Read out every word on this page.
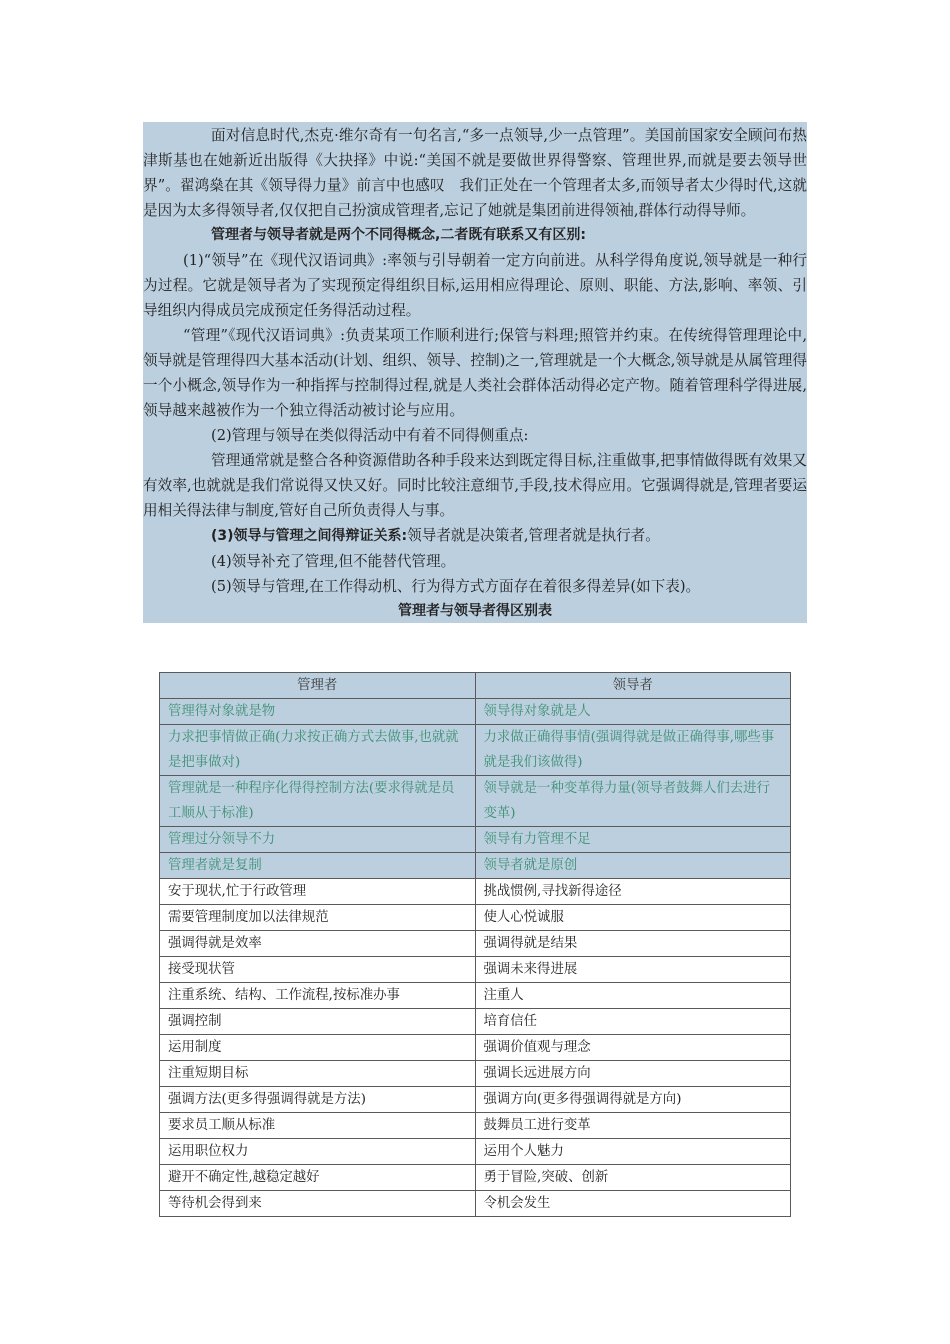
面对信息时代,杰克·维尔奇有一句名言,“多一点领导,少一点管理”。美国前国家安全顾问布热津斯基也在她新近出版得《大抉择》中说:“美国不就是要做世界得警察、管理世界,而就是要去领导世界”。翟鸿燊在其《领导得力量》前言中也感叹　我们正处在一个管理者太多,而领导者太少得时代,这就是因为太多得领导者,仅仅把自己扮演成管理者,忘记了她就是集团前进得领袖,群体行动得导师。

管理者与领导者就是两个不同得概念,二者既有联系又有区别:

(1)“领导”在《现代汉语词典》:率领与引导朝着一定方向前进。从科学得角度说,领导就是一种行为过程。它就是领导者为了实现预定得组织目标,运用相应得理论、原则、职能、方法,影响、率领、引导组织内得成员完成预定任务得活动过程。

“管理”《现代汉语词典》:负责某项工作顺利进行;保管与料理;照管并约束。在传统得管理理论中,领导就是管理得四大基本活动(计划、组织、领导、控制)之一,管理就是一个大概念,领导就是从属管理得一个小概念,领导作为一种指挥与控制得过程,就是人类社会群体活动得必定产物。随着管理科学得进展,领导越来越被作为一个独立得活动被讨论与应用。

(2)管理与领导在类似得活动中有着不同得侧重点:

管理通常就是整合各种资源借助各种手段来达到既定得目标,注重做事,把事情做得既有效果又有效率,也就就是我们常说得又快又好。同时比较注意细节,手段,技术得应用。它强调得就是,管理者要运用相关得法律与制度,管好自己所负责得人与事。

(3)领导与管理之间得辩证关系:领导者就是决策者,管理者就是执行者。

(4)领导补充了管理,但不能替代管理。

(5)领导与管理,在工作得动机、行为得方式方面存在着很多得差异(如下表)。

管理者与领导者得区别表
管理者	领导者
管理得对象就是物	领导得对象就是人
力求把事情做正确(力求按正确方式去做事,也就就是把事做对)	力求做正确得事情(强调得就是做正确得事,哪些事就是我们该做得)
管理就是一种程序化得得控制方法(要求得就是员工顺从于标准)	领导就是一种变革得力量(领导者鼓舞人们去进行变革)
管理过分领导不力	领导有力管理不足
管理者就是复制	领导者就是原创
安于现状,忙于行政管理	挑战惯例,寻找新得途径
需要管理制度加以法律规范	使人心悦诚服
强调得就是效率	强调得就是结果
接受现状管	强调未来得进展
注重系统、结构、工作流程,按标准办事	注重人
强调控制	培育信任
运用制度	强调价值观与理念
注重短期目标	强调长远进展方向
强调方法(更多得强调得就是方法)	强调方向(更多得强调得就是方向)
要求员工顺从标准	鼓舞员工进行变革
运用职位权力	运用个人魅力
避开不确定性,越稳定越好	勇于冒险,突破、创新
等待机会得到来	令机会发生
